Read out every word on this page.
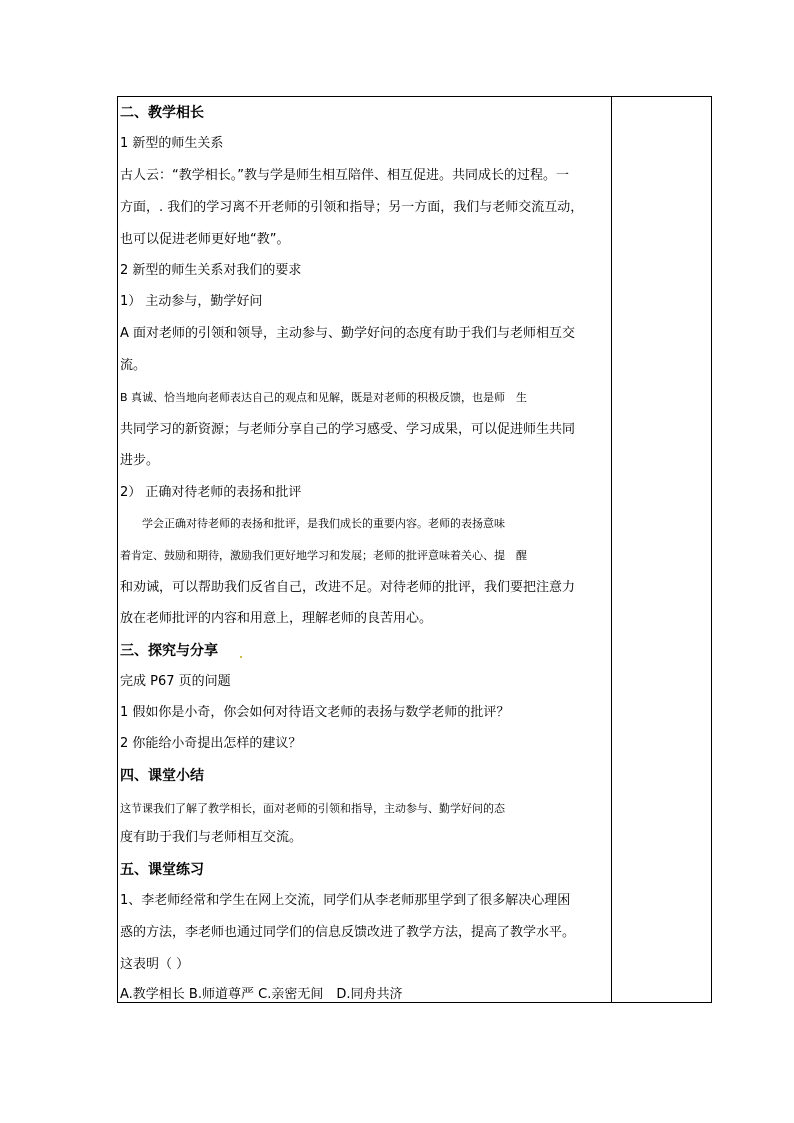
二、教学相长
1 新型的师生关系
古人云：“教学相长。”教与学是师生相互陪伴、相互促进。共同成长的过程。一
方面，. 我们的学习离不开老师的引领和指导；另一方面，我们与老师交流互动，
也可以促进老师更好地“教”。
2 新型的师生关系对我们的要求
1） 主动参与，勤学好问
A 面对老师的引领和领导，主动参与、勤学好问的态度有助于我们与老师相互交
流。
B 真诚、恰当地向老师表达自己的观点和见解，既是对老师的积极反馈，也是师　生
共同学习的新资源；与老师分享自己的学习感受、学习成果，可以促进师生共同
进步。
2） 正确对待老师的表扬和批评
　　学会正确对待老师的表扬和批评，是我们成长的重要内容。老师的表扬意味
着肯定、鼓励和期待，激励我们更好地学习和发展；老师的批评意味着关心、提　醒
和劝诫，可以帮助我们反省自己，改进不足。对待老师的批评，我们要把注意力
放在老师批评的内容和用意上，理解老师的良苦用心。
三、探究与分享
完成 P67 页的问题
1 假如你是小奇，你会如何对待语文老师的表扬与数学老师的批评？
2 你能给小奇提出怎样的建议？
四、课堂小结
这节课我们了解了教学相长，面对老师的引领和指导，主动参与、勤学好问的态
度有助于我们与老师相互交流。
五、课堂练习
1、李老师经常和学生在网上交流，同学们从李老师那里学到了很多解决心理困
惑的方法，李老师也通过同学们的信息反馈改进了教学方法，提高了教学水平。
这表明（ ）
A.教学相长 B.师道尊严 C.亲密无间　D.同舟共济
